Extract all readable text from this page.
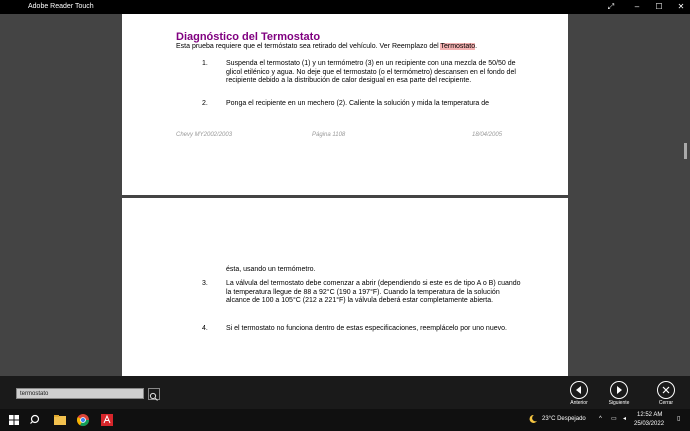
Adobe Reader Touch	⤢	–	☐	✕
Diagnóstico del Termostato
Esta prueba requiere que el termóstato sea retirado del vehículo. Ver Reemplazo del Termostato.
1.	Suspenda el termostato (1) y un termómetro (3) en un recipiente con una mezcla de 50/50 de glicol etilénico y agua. No deje que el termostato (o el termómetro) descansen en el fondo del recipiente debido a la distribución de calor desigual en esa parte del recipiente.
2.	Ponga el recipiente en un mechero (2). Caliente la solución y mida la temperatura de
Chevy MY2002/2003	Página 1108	18/04/2005
ésta, usando un termómetro.
3.	La válvula del termostato debe comenzar a abrir (dependiendo si este es de tipo A o B) cuando la temperatura llegue de 88 a 92°C (190 a 197°F). Cuando la temperatura de la solución alcance de 100 a 105°C (212 a 221°F) la válvula deberá estar completamente abierta.
4.	Si el termostato no funciona dentro de estas especificaciones, reemplácelo por uno nuevo.
termostato
Anterior	Siguiente	Cerrar
23°C Despejado ^ ▭ ◂
12:52 AM
25/03/2022
▯
